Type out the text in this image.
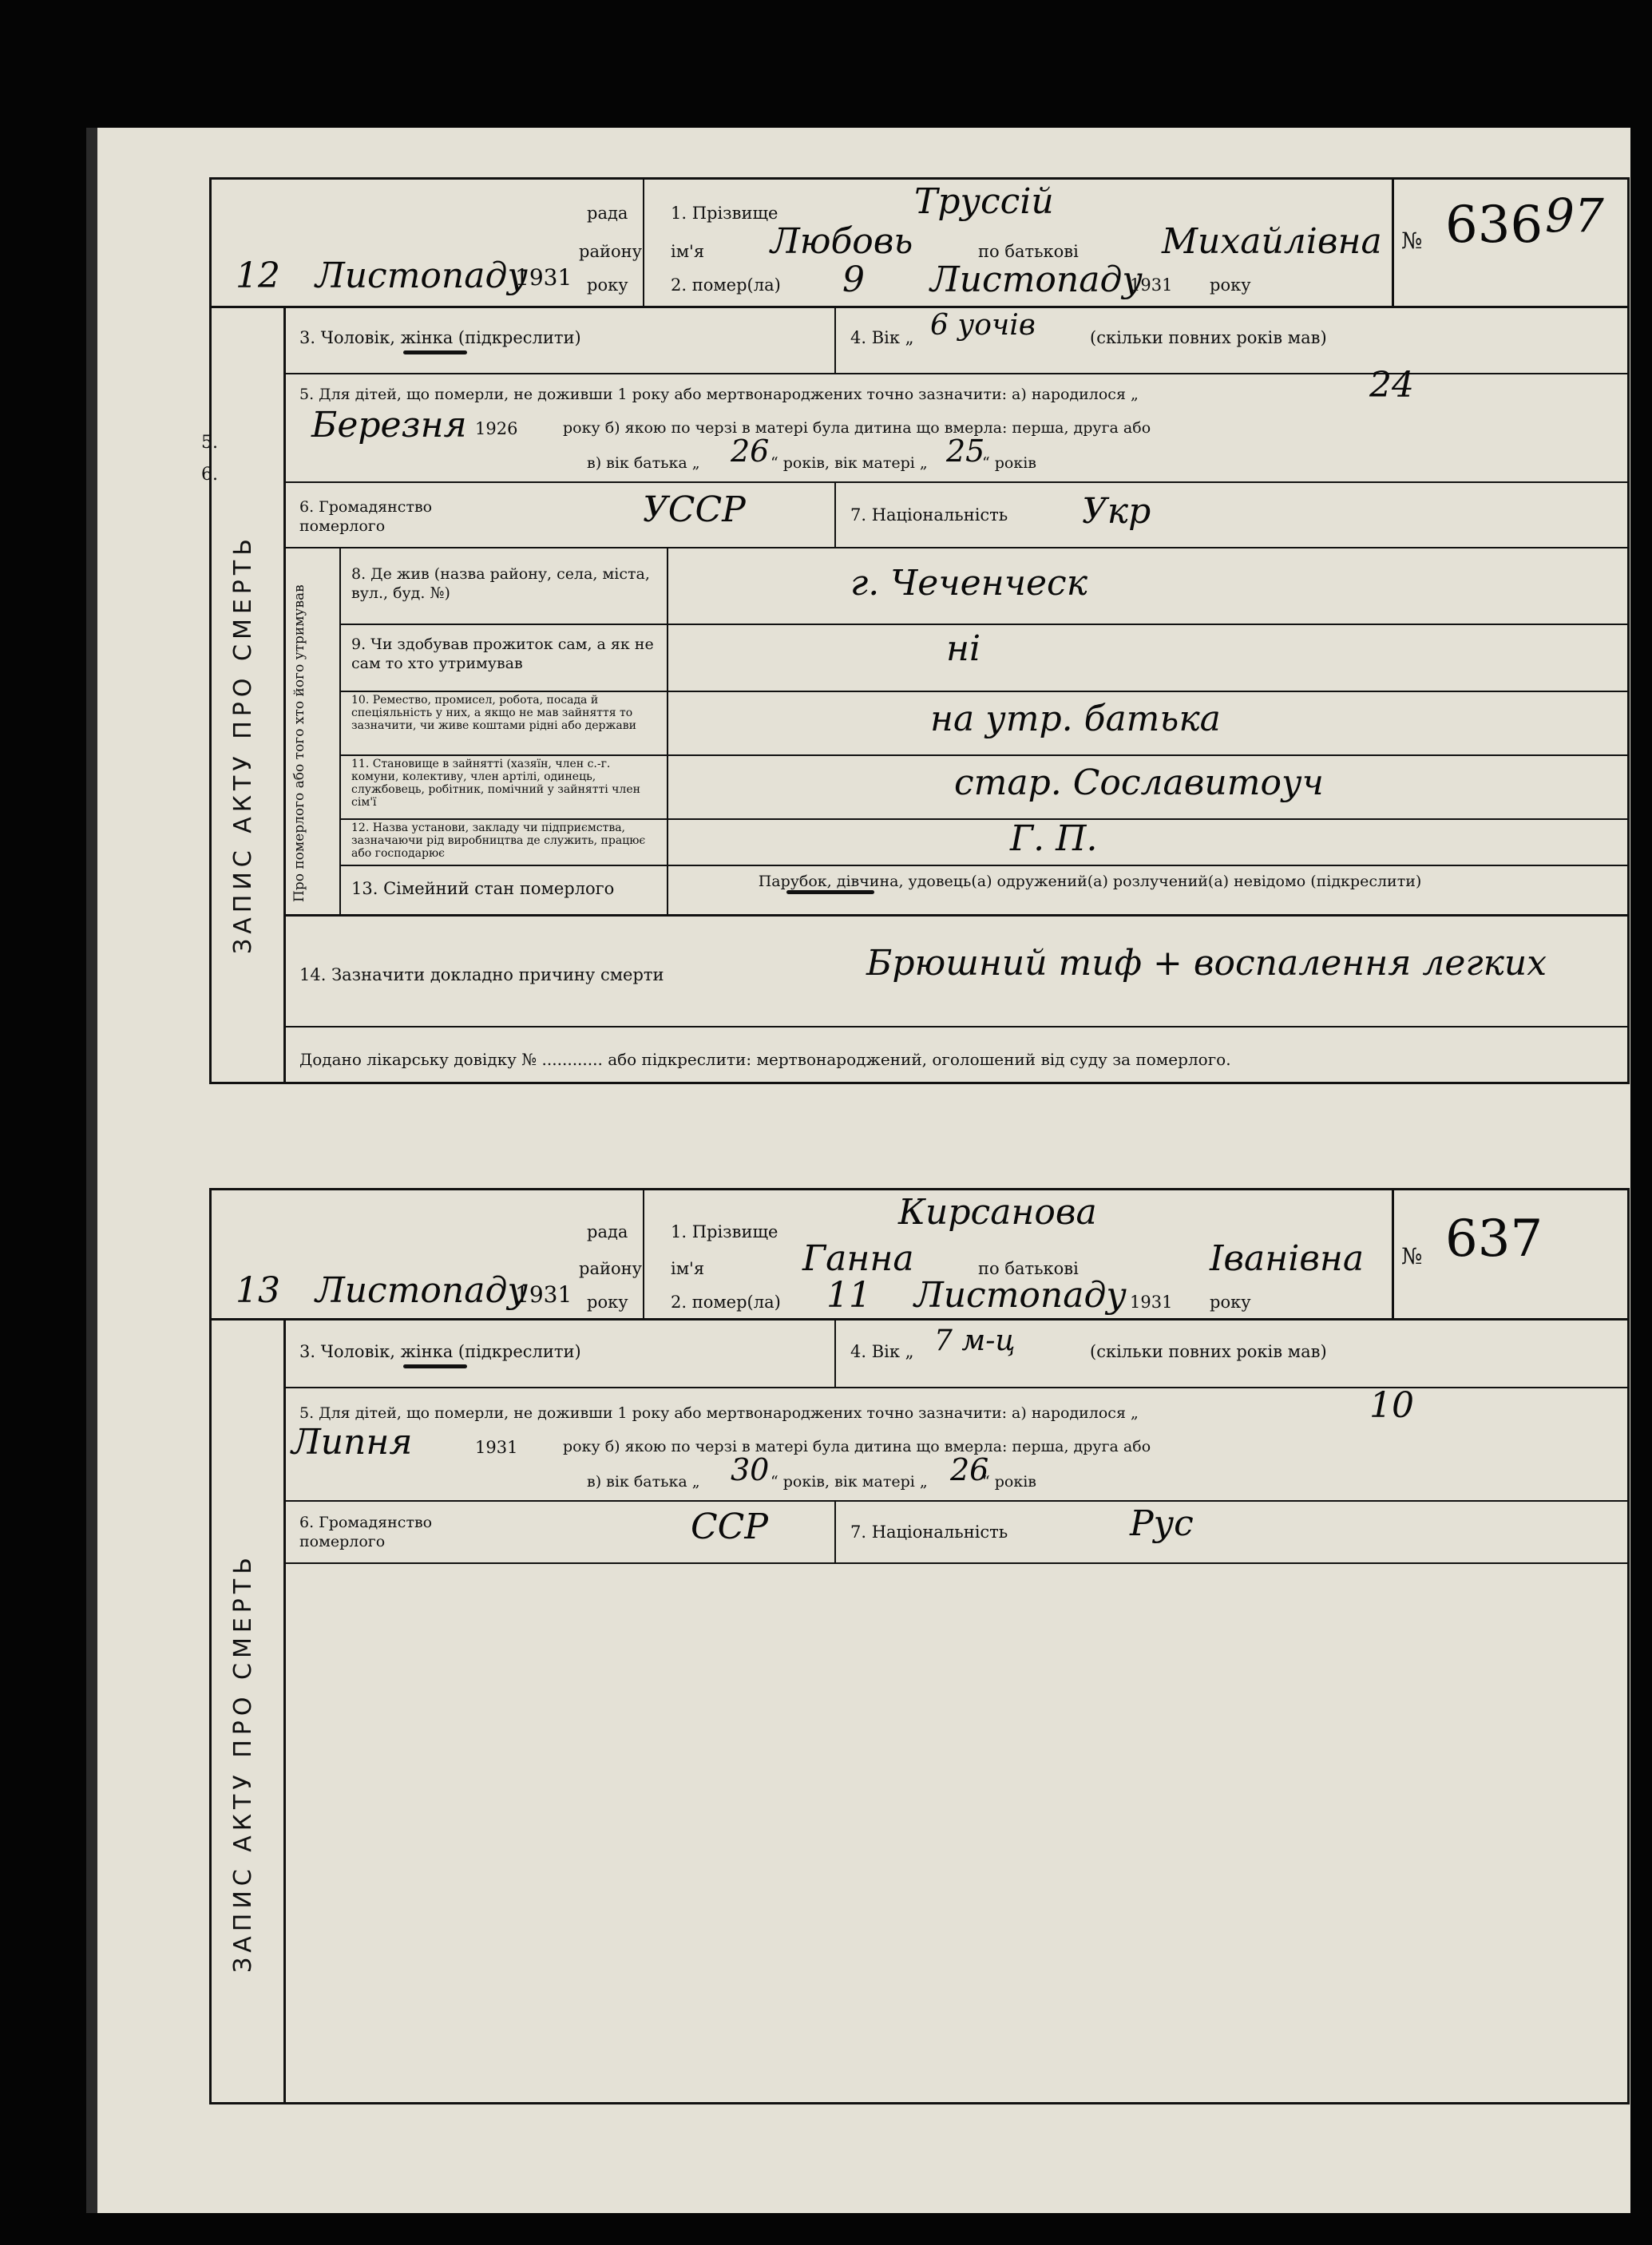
5.
6.
97
рада
району
року
12 Листопаду
1931
1. Прізвище	Труссій
ім'я Любовь	по батькові Михайлівна
2. помер(ла) 9 Листопаду
1931 року
№ 636
ЗАПИС АКТУ ПРО СМЕРТЬ
3. Чоловік, жінка (підкреслити)	4. Вік „	(скільки повних років мав)
6 уочів
5. Для дітей, що померли, не доживши 1 року або мертвонароджених точно зазначити: а) народилося „	24
Березня 1926	року б) якою по черзі в матері була дитина що вмерла: перша, друга або
в) вік батька „ 26 “ років, вік матері „ 25
“ років
6. Громадянство померлого	УССР	7. Національність Укр
Про померлого або того хто його утримував
8. Де жив (назва району, села, міста, вул., буд. №)	г. Чеченческ
9. Чи здобував прожиток сам, а як не сам то хто утримував	ні
10. Ремество, промисел, робота, посада й спеціяльність у них, а якщо не мав зайняття то зазначити, чи живе коштами рідні або держави	на утр. батька
11. Становище в зайнятті (хазяїн, член с.-г. комуни, колективу, член артілі, одинець, службовець, робітник, помічний у зайнятті член сім'ї	стар. Сославитоуч
12. Назва установи, закладу чи підприємства, зазначаючи рід виробництва де служить, працює або господарює	Г. П.
13. Сімейний стан померлого	Парубок, дівчина, удовець(а) одружений(а) розлучений(а) невідомо (підкреслити)
14. Зазначити докладно причину смерти	Брюшний тиф + воспалення легких
Додано лікарську довідку № ............ або підкреслити: мертвонароджений, оголошений від суду за померлого.
рада
району
року
13 Листопаду
1931
1. Прізвище	Кирсанова
ім'я	Ганна	по батькові	Іванівна
2. помер(ла) 11 Листопаду 1931 року
№ 637
ЗАПИС АКТУ ПРО СМЕРТЬ
3. Чоловік, жінка (підкреслити)	4. Вік „	(скільки повних років мав)
7 м-ц
5. Для дітей, що померли, не доживши 1 року або мертвонароджених точно зазначити: а) народилося „	10
Липня	1931	року б) якою по черзі в матері була дитина що вмерла: перша, друга або
в) вік батька „ 30 “ років, вік матері „ 26
“ років
6. Громадянство померлого	ССР	7. Національність	Рус
